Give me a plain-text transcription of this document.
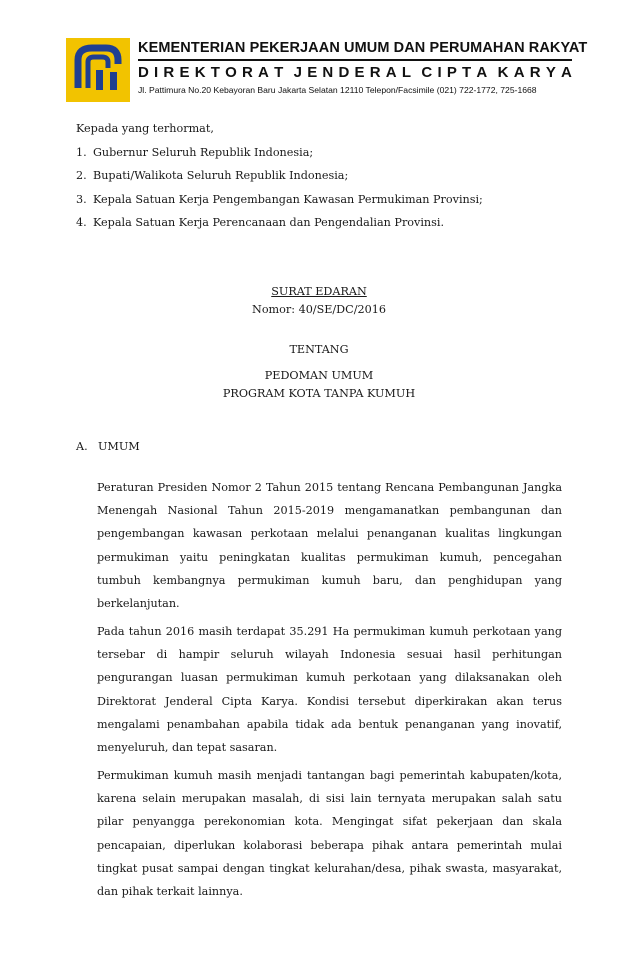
KEMENTERIAN PEKERJAAN UMUM DAN PERUMAHAN RAKYAT
D I R E K T O R A T J E N D E R A L C I P T A K A R Y A
Jl. Pattimura No.20 Kebayoran Baru Jakarta Selatan 12110 Telepon/Facsimile (021) 722-1772, 725-1668
Kepada yang terhormat,
1. Gubernur Seluruh Republik Indonesia;
2. Bupati/Walikota Seluruh Republik Indonesia;
3. Kepala Satuan Kerja Pengembangan Kawasan Permukiman Provinsi;
4. Kepala Satuan Kerja Perencanaan dan Pengendalian Provinsi.
SURAT EDARAN
Nomor: 40/SE/DC/2016
TENTANG
PEDOMAN UMUM
PROGRAM KOTA TANPA KUMUH
A. UMUM

Peraturan Presiden Nomor 2 Tahun 2015 tentang Rencana Pembangunan Jangka Menengah Nasional Tahun 2015-2019 mengamanatkan pembangunan dan pengembangan kawasan perkotaan melalui penanganan kualitas lingkungan permukiman yaitu peningkatan kualitas permukiman kumuh, pencegahan tumbuh kembangnya permukiman kumuh baru, dan penghidupan yang berkelanjutan.

Pada tahun 2016 masih terdapat 35.291 Ha permukiman kumuh perkotaan yang tersebar di hampir seluruh wilayah Indonesia sesuai hasil perhitungan pengurangan luasan permukiman kumuh perkotaan yang dilaksanakan oleh Direktorat Jenderal Cipta Karya. Kondisi tersebut diperkirakan akan terus mengalami penambahan apabila tidak ada bentuk penanganan yang inovatif, menyeluruh, dan tepat sasaran.

Permukiman kumuh masih menjadi tantangan bagi pemerintah kabupaten/kota, karena selain merupakan masalah, di sisi lain ternyata merupakan salah satu pilar penyangga perekonomian kota. Mengingat sifat pekerjaan dan skala pencapaian, diperlukan kolaborasi beberapa pihak antara pemerintah mulai tingkat pusat sampai dengan tingkat kelurahan/desa, pihak swasta, masyarakat, dan pihak terkait lainnya.
